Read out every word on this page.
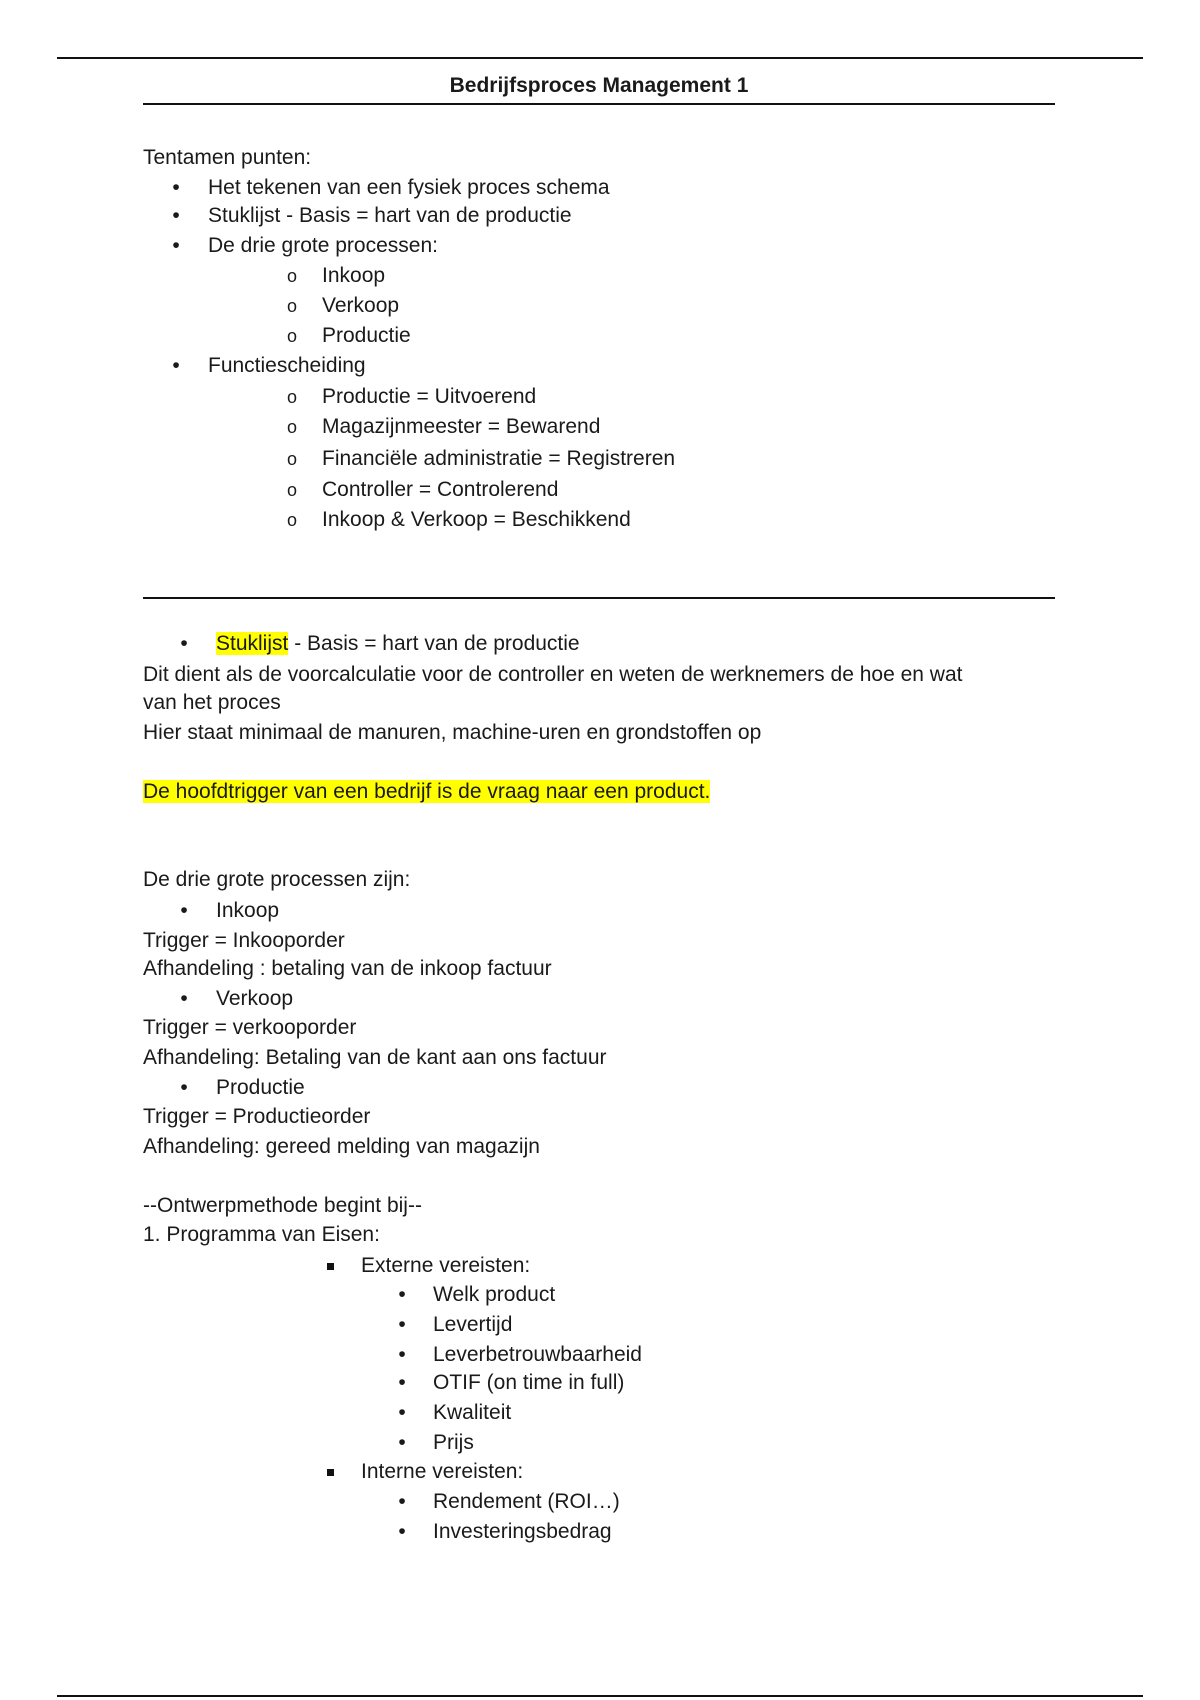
Bedrijfsproces Management 1
Tentamen punten:
•	Het tekenen van een fysiek proces schema
•	Stuklijst - Basis = hart van de productie
•	De drie grote processen:
o	Inkoop
o	Verkoop
o	Productie
•	Functiescheiding
o	Productie = Uitvoerend
o	Magazijnmeester = Bewarend
o	Financiële administratie = Registreren
o	Controller = Controlerend
o	Inkoop & Verkoop = Beschikkend
•	Stuklijst - Basis = hart van de productie
Dit dient als de voorcalculatie voor de controller en weten de werknemers de hoe en wat
van het proces
Hier staat minimaal de manuren, machine-uren en grondstoffen op
De hoofdtrigger van een bedrijf is de vraag naar een product.
De drie grote processen zijn:
•	Inkoop
Trigger = Inkooporder
Afhandeling : betaling van de inkoop factuur
•	Verkoop
Trigger = verkooporder
Afhandeling: Betaling van de kant aan ons factuur
•	Productie
Trigger = Productieorder
Afhandeling: gereed melding van magazijn
--Ontwerpmethode begint bij--
1. Programma van Eisen:
Externe vereisten:
•	Welk product
•	Levertijd
•	Leverbetrouwbaarheid
•	OTIF (on time in full)
•	Kwaliteit
•	Prijs
Interne vereisten:
•	Rendement (ROI…)
•	Investeringsbedrag
